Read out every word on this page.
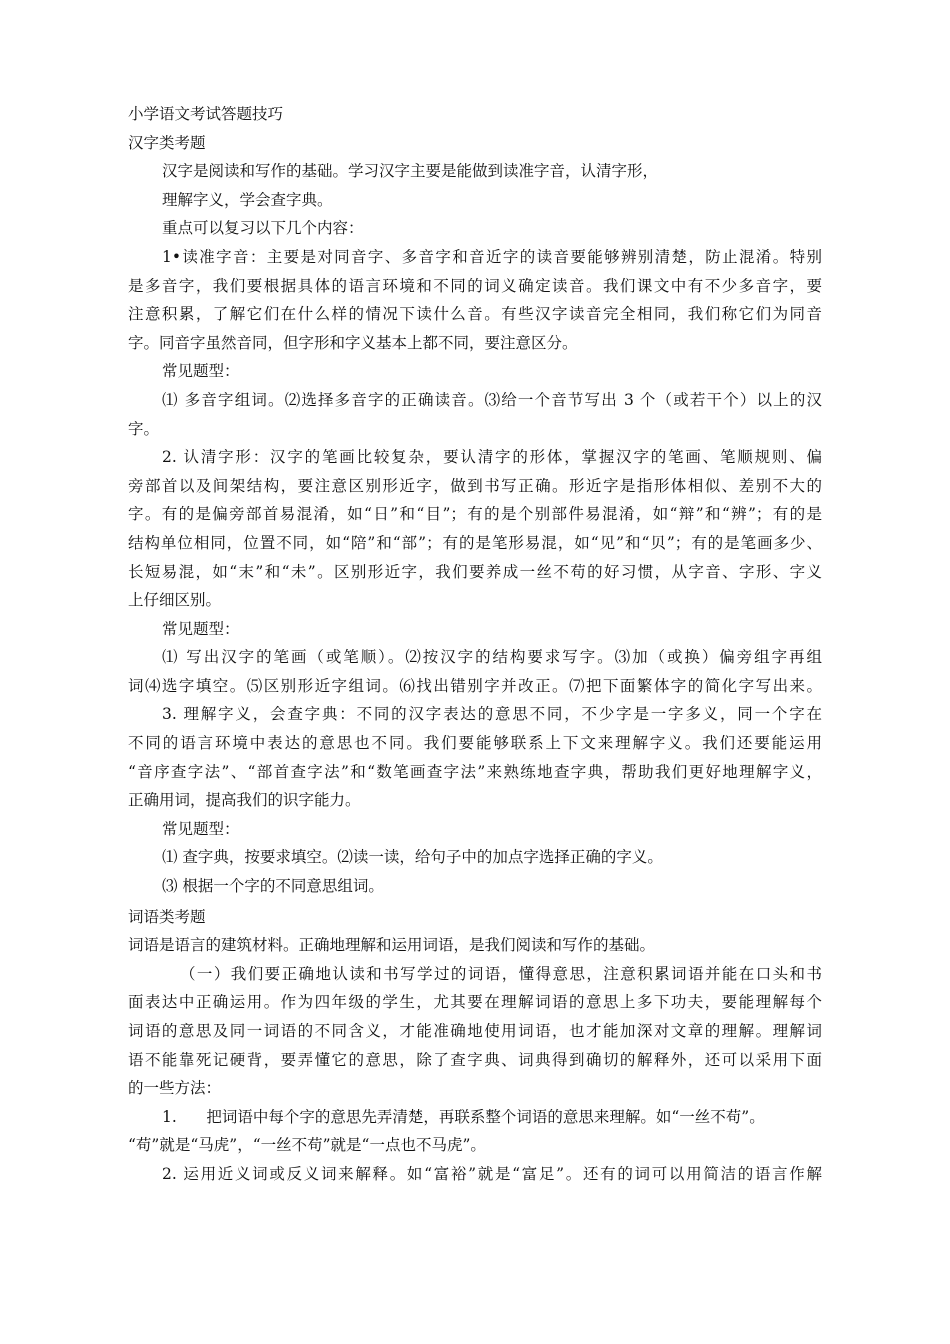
小学语文考试答题技巧
汉字类考题
汉字是阅读和写作的基础。学习汉字主要是能做到读准字音，认清字形，
理解字义，学会查字典。
重点可以复习以下几个内容：
1•读准字音：主要是对同音字、多音字和音近字的读音要能够辨别清楚，防止混淆。特别
是多音字，我们要根据具体的语言环境和不同的词义确定读音。我们课文中有不少多音字，要
注意积累，了解它们在什么样的情况下读什么音。有些汉字读音完全相同，我们称它们为同音
字。同音字虽然音同，但字形和字义基本上都不同，要注意区分。
常见题型：
⑴ 多音字组词。⑵选择多音字的正确读音。⑶给一个音节写出 3 个（或若干个）以上的汉
字。
2. 认清字形：汉字的笔画比较复杂，要认清字的形体，掌握汉字的笔画、笔顺规则、偏
旁部首以及间架结构，要注意区别形近字，做到书写正确。形近字是指形体相似、差别不大的
字。有的是偏旁部首易混淆，如“日”和“目”；有的是个别部件易混淆，如“辩”和“辨”；有的是
结构单位相同，位置不同，如“陪”和“部”；有的是笔形易混，如“见”和“贝”；有的是笔画多少、
长短易混，如“末”和“未”。区别形近字，我们要养成一丝不苟的好习惯，从字音、字形、字义
上仔细区别。
常见题型：
⑴ 写出汉字的笔画（或笔顺）。⑵按汉字的结构要求写字。⑶加（或换）偏旁组字再组
词⑷选字填空。⑸区别形近字组词。⑹找出错别字并改正。⑺把下面繁体字的简化字写出来。
3. 理解字义，会查字典：不同的汉字表达的意思不同，不少字是一字多义，同一个字在
不同的语言环境中表达的意思也不同。我们要能够联系上下文来理解字义。我们还要能运用
“音序查字法”、“部首查字法”和“数笔画查字法”来熟练地查字典，帮助我们更好地理解字义，
正确用词，提高我们的识字能力。
常见题型：
⑴ 查字典，按要求填空。⑵读一读，给句子中的加点字选择正确的字义。
⑶ 根据一个字的不同意思组词。
词语类考题
词语是语言的建筑材料。正确地理解和运用词语，是我们阅读和写作的基础。
（一）我们要正确地认读和书写学过的词语，懂得意思，注意积累词语并能在口头和书
面表达中正确运用。作为四年级的学生，尤其要在理解词语的意思上多下功夫，要能理解每个
词语的意思及同一词语的不同含义，才能准确地使用词语，也才能加深对文章的理解。理解词
语不能靠死记硬背，要弄懂它的意思，除了查字典、词典得到确切的解释外，还可以采用下面
的一些方法：
1.      把词语中每个字的意思先弄清楚，再联系整个词语的意思来理解。如“一丝不苟”。
“苟”就是“马虎”，“一丝不苟”就是“一点也不马虎”。
2. 运用近义词或反义词来解释。如“富裕”就是“富足”。还有的词可以用简洁的语言作解
